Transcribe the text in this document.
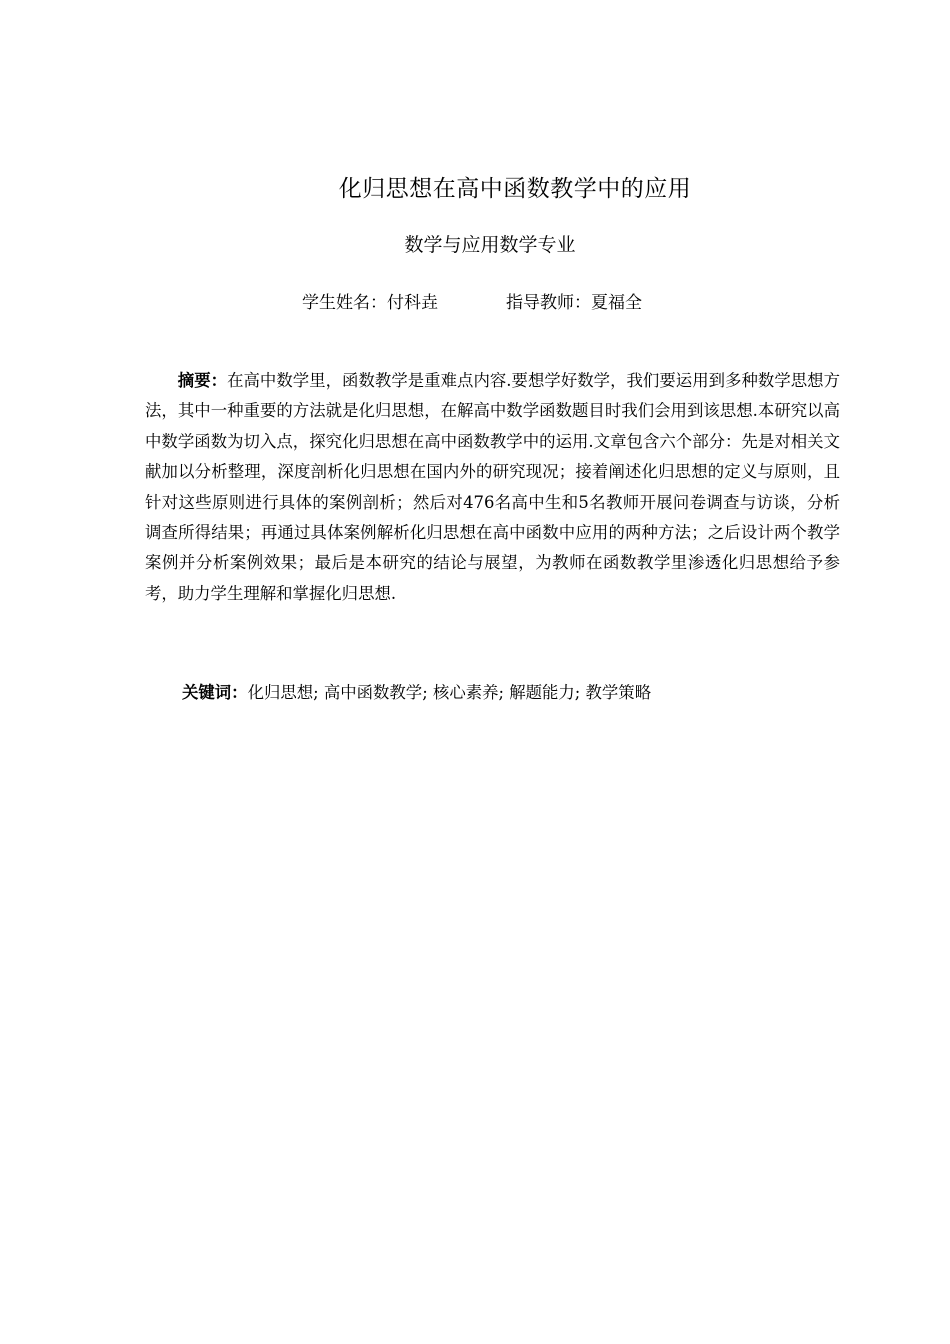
化归思想在高中函数教学中的应用
数学与应用数学专业
学生姓名：付科垚	指导教师：夏福全

摘要：在高中数学里，函数教学是重难点内容.要想学好数学，我们要运用到多种数学思想方法，其中一种重要的方法就是化归思想，在解高中数学函数题目时我们会用到该思想.本研究以高中数学函数为切入点，探究化归思想在高中函数教学中的运用.文章包含六个部分：先是对相关文献加以分析整理，深度剖析化归思想在国内外的研究现况；接着阐述化归思想的定义与原则，且针对这些原则进行具体的案例剖析；然后对476名高中生和5名教师开展问卷调查与访谈，分析调查所得结果；再通过具体案例解析化归思想在高中函数中应用的两种方法；之后设计两个教学案例并分析案例效果；最后是本研究的结论与展望，为教师在函数教学里渗透化归思想给予参考，助力学生理解和掌握化归思想.

关键词：化归思想; 高中函数教学; 核心素养; 解题能力; 教学策略
